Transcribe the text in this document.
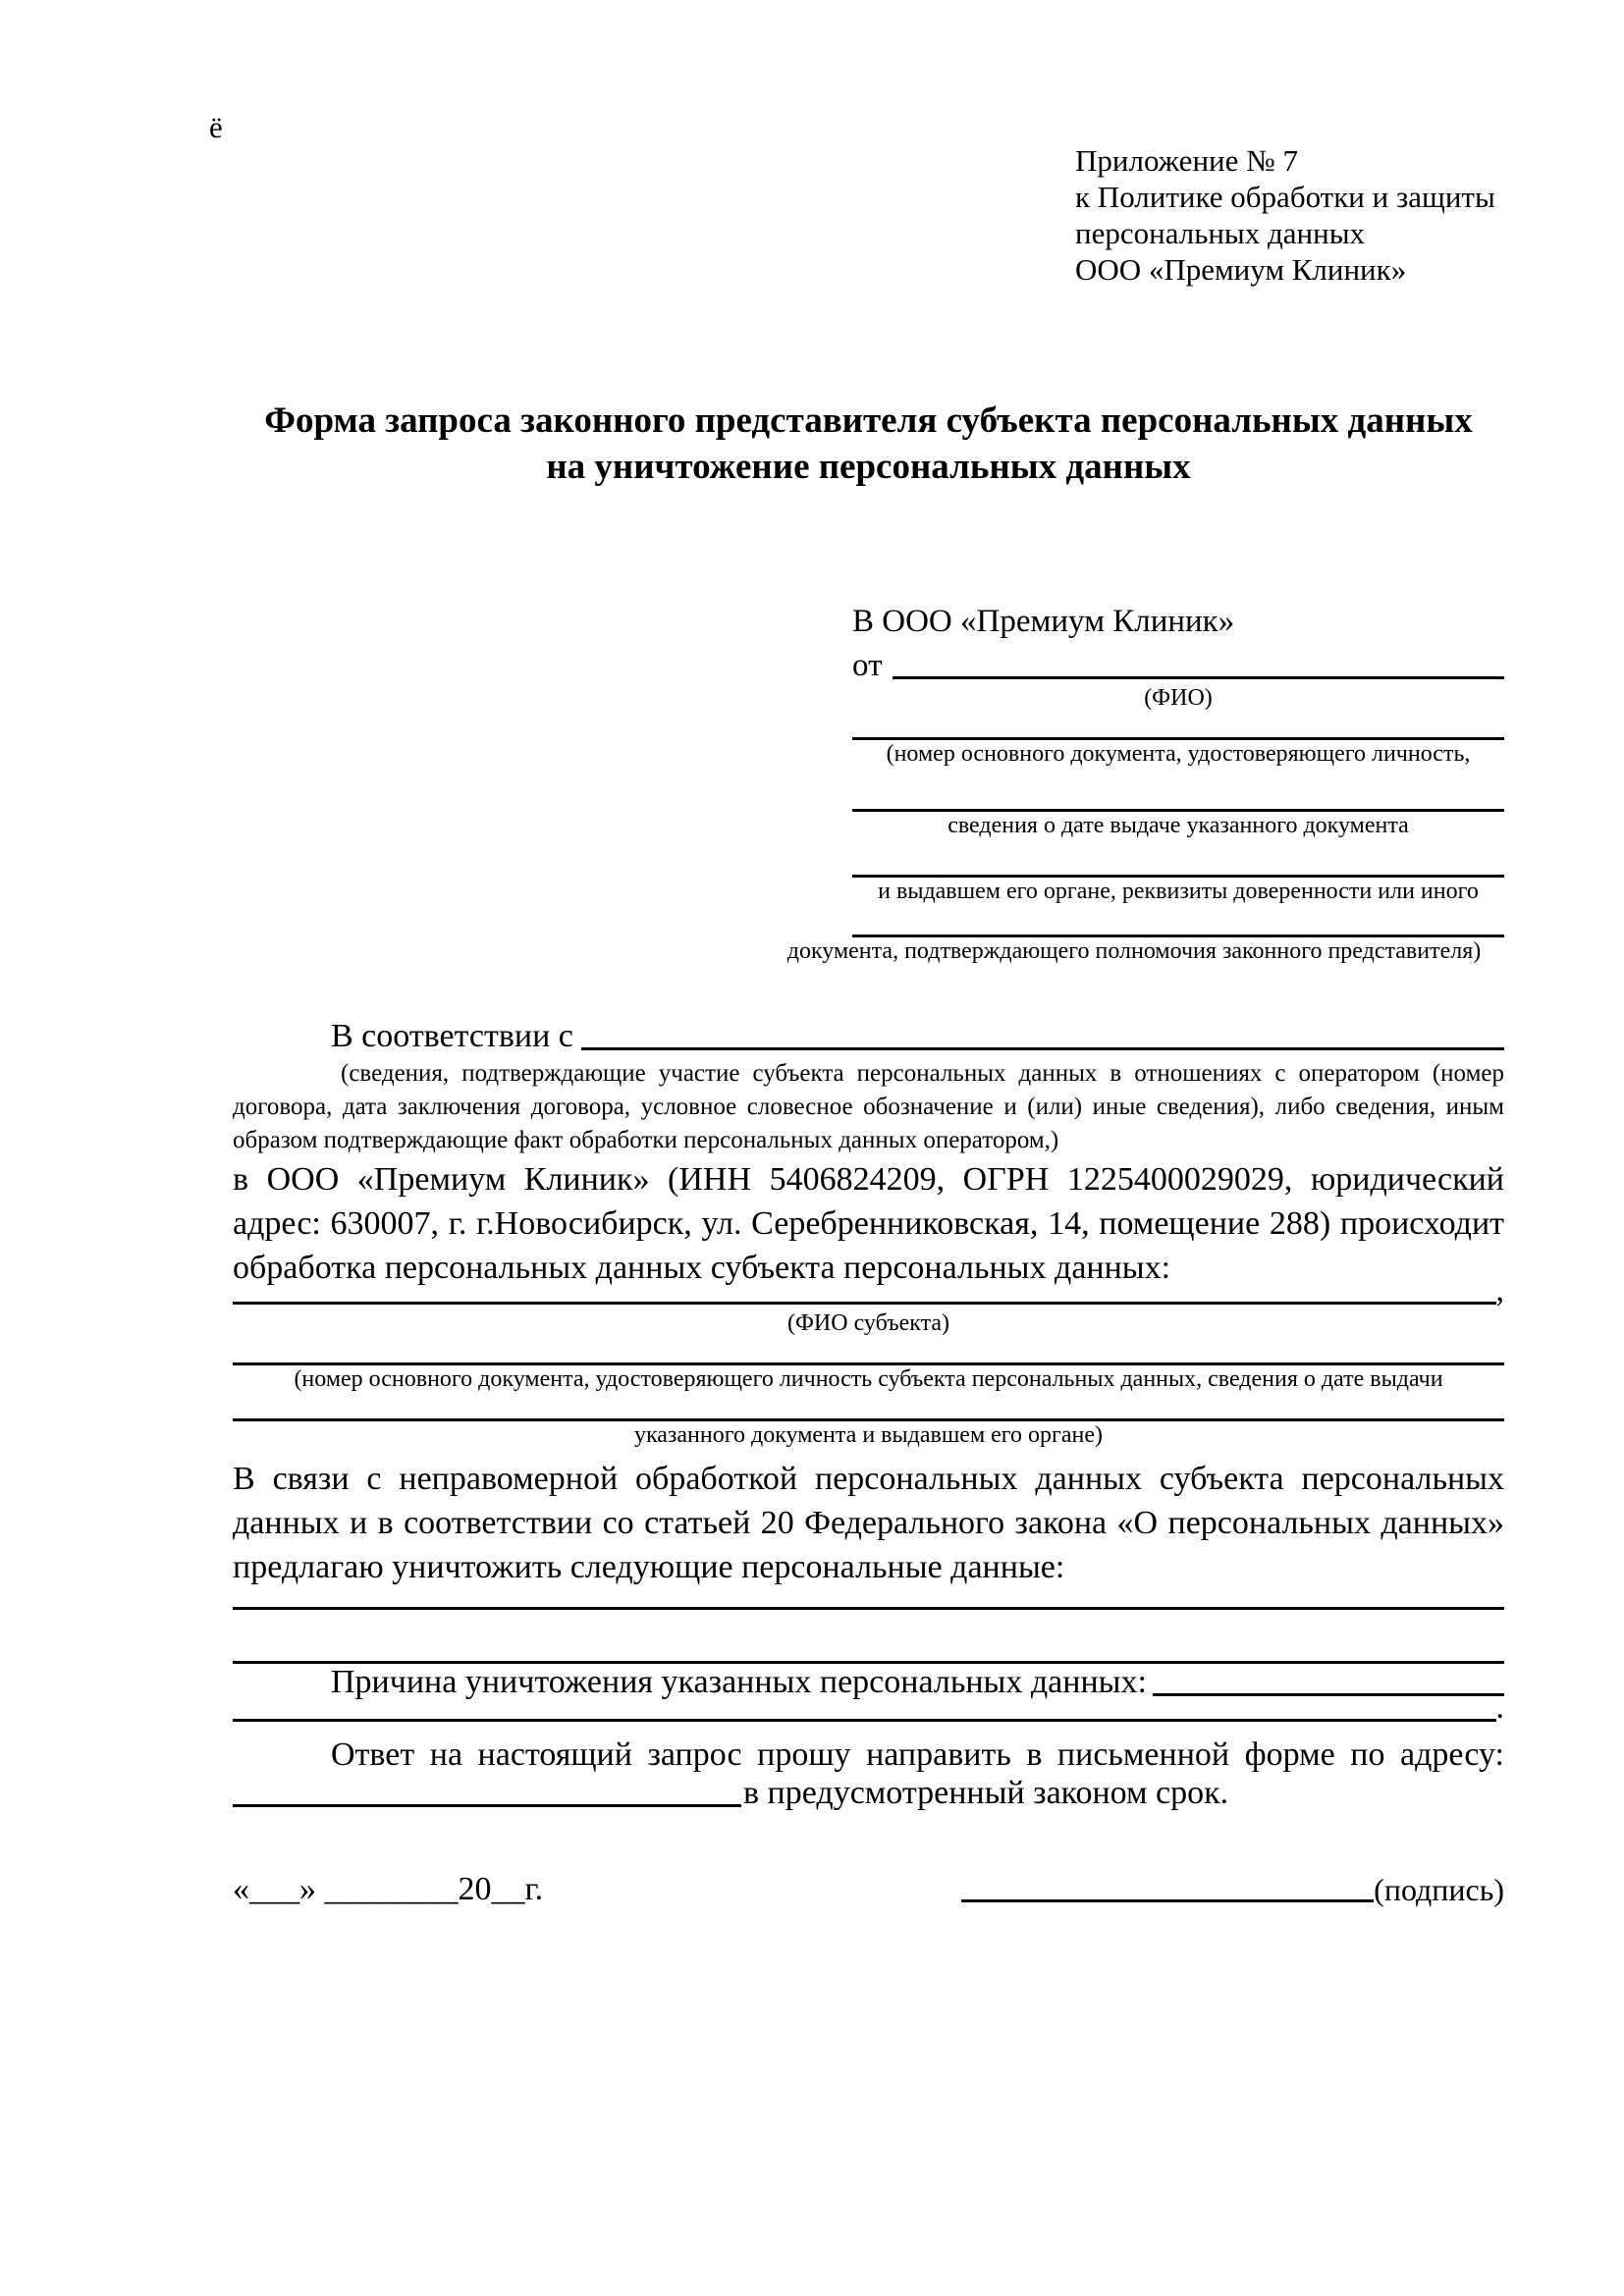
ё
Приложение № 7
к Политике обработки и защиты
персональных данных
ООО «Премиум Клиник»
Форма запроса законного представителя субъекта персональных данных
на уничтожение персональных данных
В ООО «Премиум Клиник»
от
(ФИО)
(номер основного документа, удостоверяющего личность,
сведения о дате выдаче указанного документа
и выдавшем его органе, реквизиты доверенности или иного
документа, подтверждающего полномочия законного представителя)
В соответствии с
(сведения, подтверждающие участие субъекта персональных данных в отношениях с оператором (номер договора, дата заключения договора, условное словесное обозначение и (или) иные сведения), либо сведения, иным образом подтверждающие факт обработки персональных данных оператором,)

в ООО «Премиум Клиник» (ИНН 5406824209, ОГРН 1225400029029, юридический адрес: 630007, г. г.Новосибирск, ул. Серебренниковская, 14, помещение 288) происходит обработка персональных данных субъекта персональных данных:

,
(ФИО субъекта)
(номер основного документа, удостоверяющего личность субъекта персональных данных, сведения о дате выдачи
указанного документа и выдавшем его органе)

В связи с неправомерной обработкой персональных данных субъекта персональных данных и в соответствии со статьей 20 Федерального закона «О персональных данных» предлагаю уничтожить следующие персональные данные:

Причина уничтожения указанных персональных данных:
.

Ответ на настоящий запрос прошу направить в письменной форме по адресу:

в предусмотренный законом срок.
«___» ________20__г.	(подпись)
